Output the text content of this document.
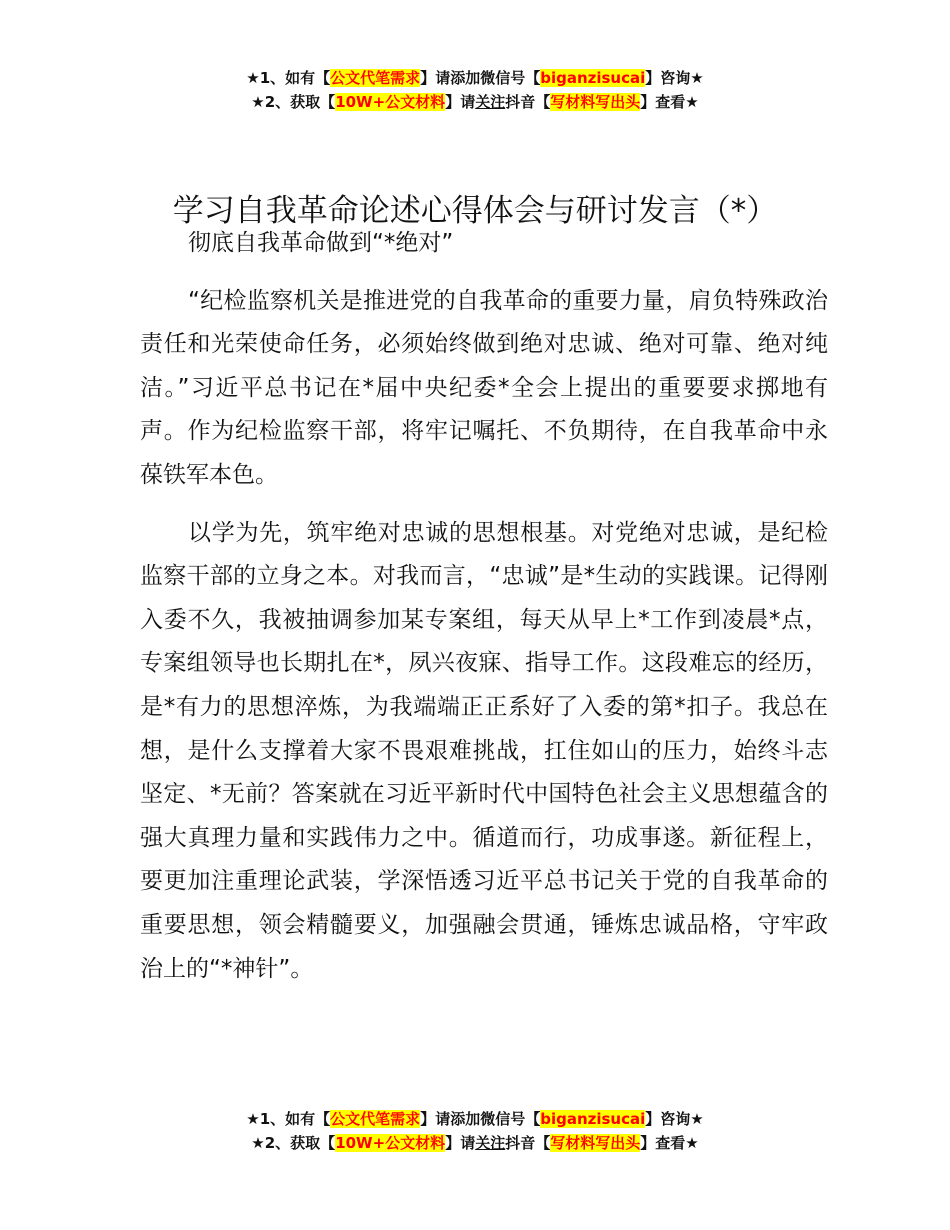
★1、如有【公文代笔需求】请添加微信号【biganzisucai】咨询★
★2、获取【10W+公文材料】请关注抖音【写材料写出头】查看★
学习自我革命论述心得体会与研讨发言（*）

彻底自我革命做到“*绝对”

“纪检监察机关是推进党的自我革命的重要力量，肩负特殊政治责任和光荣使命任务，必须始终做到绝对忠诚、绝对可靠、绝对纯洁。”习近平总书记在*届中央纪委*全会上提出的重要要求掷地有声。作为纪检监察干部，将牢记嘱托、不负期待，在自我革命中永葆铁军本色。

以学为先，筑牢绝对忠诚的思想根基。对党绝对忠诚，是纪检监察干部的立身之本。对我而言，“忠诚”是*生动的实践课。记得刚入委不久，我被抽调参加某专案组，每天从早上*工作到凌晨*点，专案组领导也长期扎在*，夙兴夜寐、指导工作。这段难忘的经历，是*有力的思想淬炼，为我端端正正系好了入委的第*扣子。我总在想，是什么支撑着大家不畏艰难挑战，扛住如山的压力，始终斗志坚定、*无前？答案就在习近平新时代中国特色社会主义思想蕴含的强大真理力量和实践伟力之中。循道而行，功成事遂。新征程上，要更加注重理论武装，学深悟透习近平总书记关于党的自我革命的重要思想，领会精髓要义，加强融会贯通，锤炼忠诚品格，守牢政治上的“*神针”。

★1、如有【公文代笔需求】请添加微信号【biganzisucai】咨询★
★2、获取【10W+公文材料】请关注抖音【写材料写出头】查看★
